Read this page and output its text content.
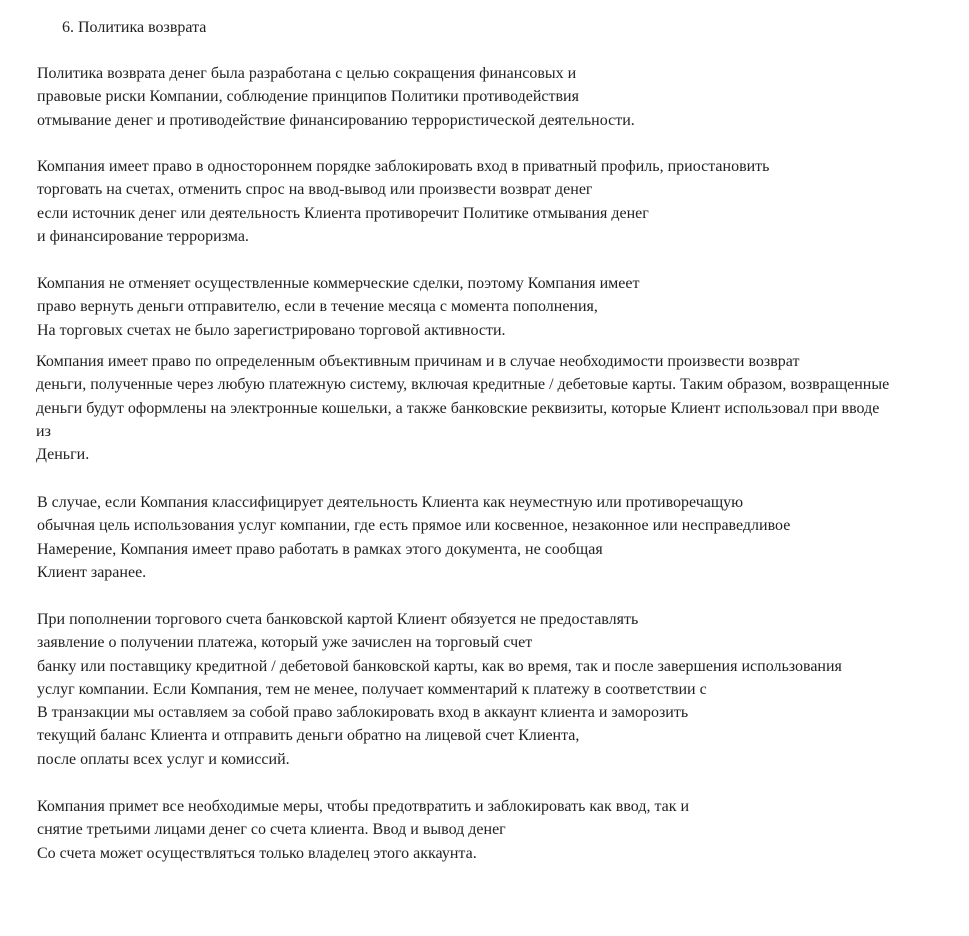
6. Политика возврата
Политика возврата денег была разработана с целью сокращения финансовых и
правовые риски Компании, соблюдение принципов Политики противодействия
отмывание денег и противодействие финансированию террористической деятельности.
Компания имеет право в одностороннем порядке заблокировать вход в приватный профиль, приостановить
торговать на счетах, отменить спрос на ввод-вывод или произвести возврат денег
если источник денег или деятельность Клиента противоречит Политике отмывания денег
и финансирование терроризма.
Компания не отменяет осуществленные коммерческие сделки, поэтому Компания имеет
право вернуть деньги отправителю, если в течение месяца с момента пополнения,
На торговых счетах не было зарегистрировано торговой активности.
Компания имеет право по определенным объективным причинам и в случае необходимости произвести возврат
деньги, полученные через любую платежную систему, включая кредитные / дебетовые карты. Таким образом, возвращенные
деньги будут оформлены на электронные кошельки, а также банковские реквизиты, которые Клиент использовал при вводе
из
Деньги.
В случае, если Компания классифицирует деятельность Клиента как неуместную или противоречащую
обычная цель использования услуг компании, где есть прямое или косвенное, незаконное или несправедливое
Намерение, Компания имеет право работать в рамках этого документа, не сообщая
Клиент заранее.
При пополнении торгового счета банковской картой Клиент обязуется не предоставлять
заявление о получении платежа, который уже зачислен на торговый счет
банку или поставщику кредитной / дебетовой банковской карты, как во время, так и после завершения использования
услуг компании. Если Компания, тем не менее, получает комментарий к платежу в соответствии с
В транзакции мы оставляем за собой право заблокировать вход в аккаунт клиента и заморозить
текущий баланс Клиента и отправить деньги обратно на лицевой счет Клиента,
после оплаты всех услуг и комиссий.
Компания примет все необходимые меры, чтобы предотвратить и заблокировать как ввод, так и
снятие третьими лицами денег со счета клиента. Ввод и вывод денег
Со счета может осуществляться только владелец этого аккаунта.
